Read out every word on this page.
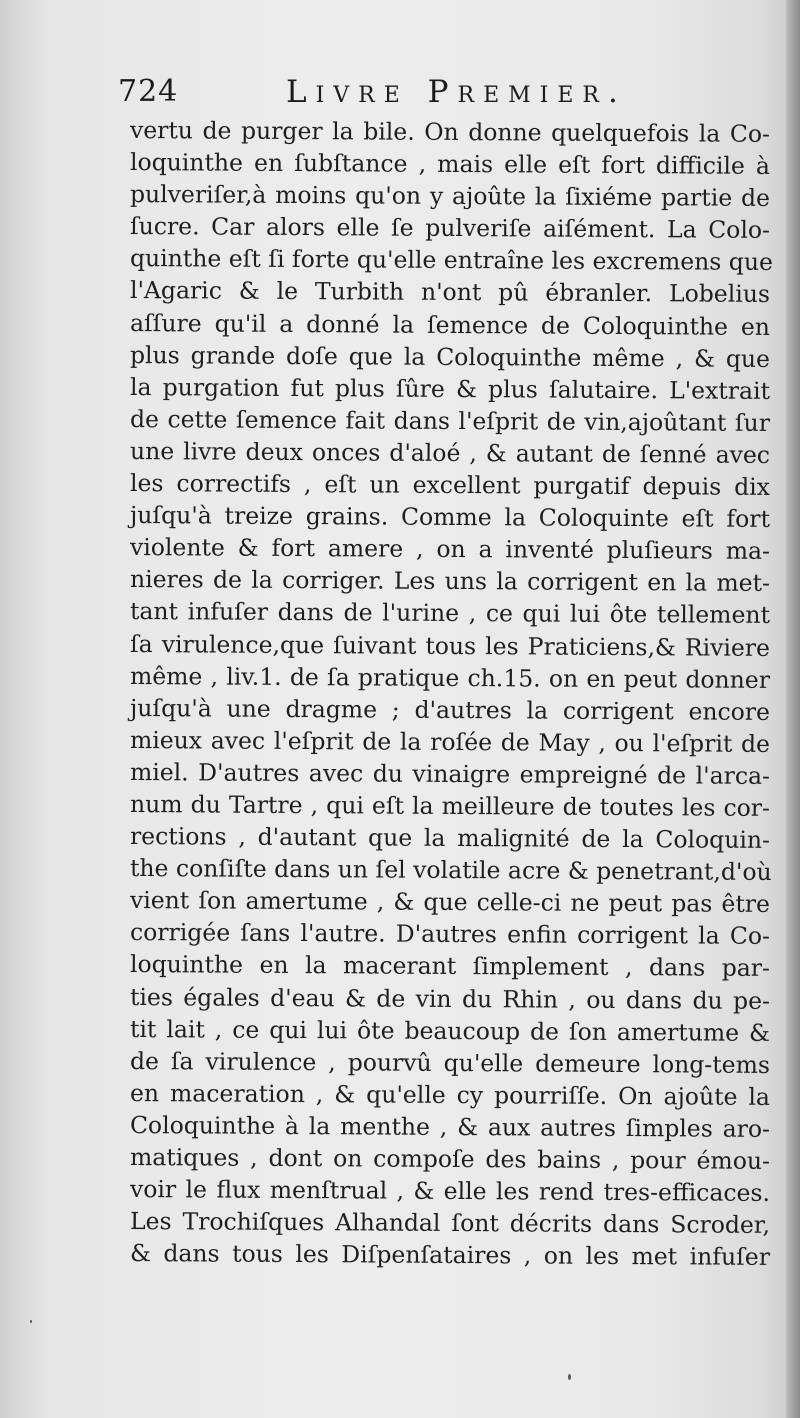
724	Livre Premier.
vertu de purger la bile. On donne quelquefois la Co-
loquinthe en ſubſtance , mais elle eſt fort difficile à
pulveriſer,à moins qu'on y ajoûte la ſixiéme partie de
ſucre. Car alors elle ſe pulveriſe aiſément. La Colo-
quinthe eſt ſi forte qu'elle entraîne les excremens que
l'Agaric & le Turbith n'ont pû ébranler. Lobelius
aſſure qu'il a donné la ſemence de Coloquinthe en
plus grande doſe que la Coloquinthe même , & que
la purgation fut plus ſûre & plus ſalutaire. L'extrait
de cette ſemence fait dans l'eſprit de vin,ajoûtant ſur
une livre deux onces d'aloé , & autant de ſenné avec
les correctifs , eſt un excellent purgatif depuis dix
juſqu'à treize grains. Comme la Coloquinte eſt fort
violente & fort amere , on a inventé pluſieurs ma-
nieres de la corriger. Les uns la corrigent en la met-
tant infuſer dans de l'urine , ce qui lui ôte tellement
ſa virulence,que ſuivant tous les Praticiens,& Riviere
même , liv.1. de ſa pratique ch.15. on en peut donner
juſqu'à une dragme ; d'autres la corrigent encore
mieux avec l'eſprit de la roſée de May , ou l'eſprit de
miel. D'autres avec du vinaigre empreigné de l'arca-
num du Tartre , qui eſt la meilleure de toutes les cor-
rections , d'autant que la malignité de la Coloquin-
the conſiſte dans un ſel volatile acre & penetrant,d'où
vient ſon amertume , & que celle-ci ne peut pas être
corrigée ſans l'autre. D'autres enfin corrigent la Co-
loquinthe en la macerant ſimplement , dans par-
ties égales d'eau & de vin du Rhin , ou dans du pe-
tit lait , ce qui lui ôte beaucoup de ſon amertume &
de ſa virulence , pourvû qu'elle demeure long-tems
en maceration , & qu'elle cy pourriſſe. On ajoûte la
Coloquinthe à la menthe , & aux autres ſimples aro-
matiques , dont on compoſe des bains , pour émou-
voir le flux menſtrual , & elle les rend tres-efficaces.
Les Trochiſques Alhandal ſont décrits dans Scroder,
& dans tous les Diſpenſataires , on les met infuſer
